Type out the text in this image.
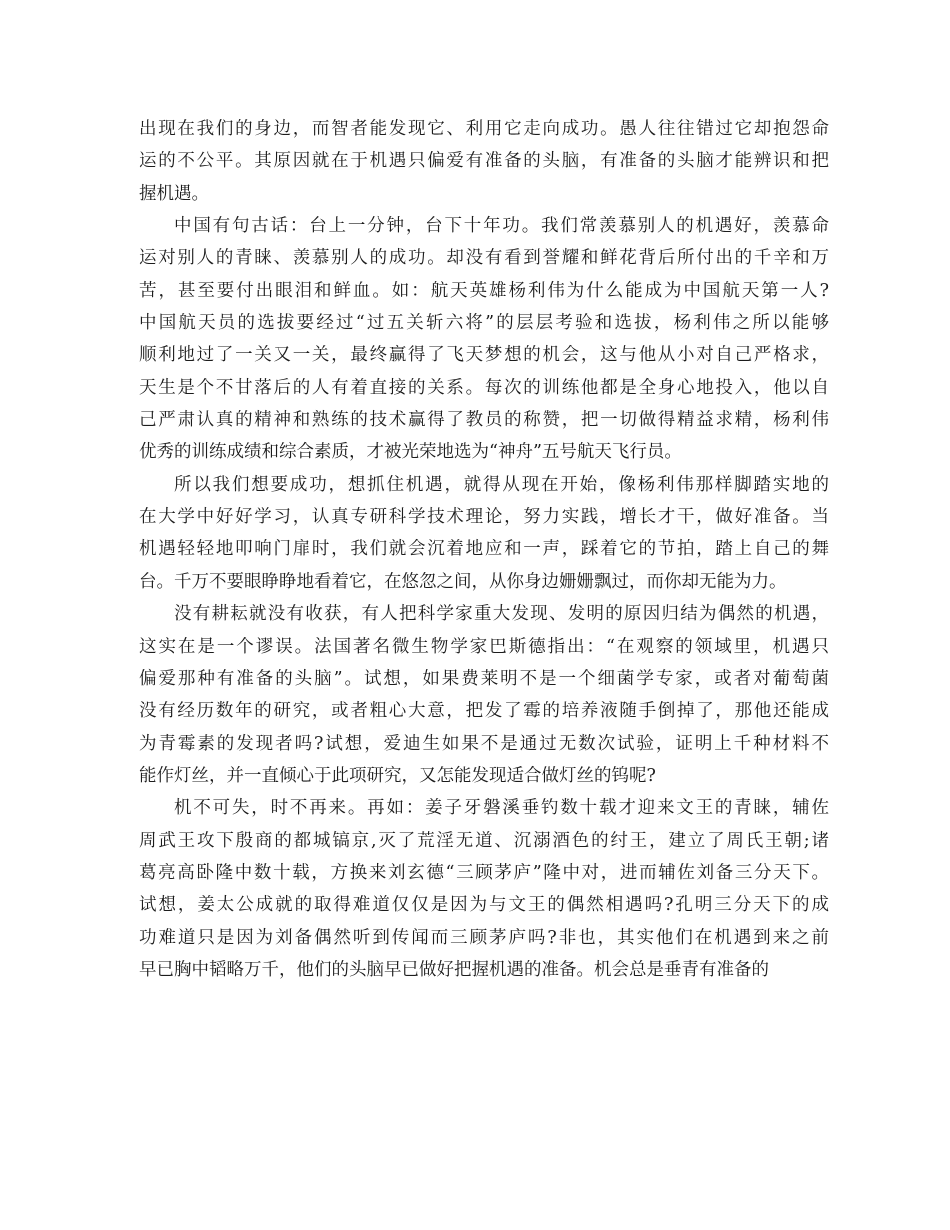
出现在我们的身边，而智者能发现它、利用它走向成功。愚人往往错过它却抱怨命
运的不公平。其原因就在于机遇只偏爱有准备的头脑，有准备的头脑才能辨识和把
握机遇。
中国有句古话：台上一分钟，台下十年功。我们常羡慕别人的机遇好，羡慕命
运对别人的青睐、羡慕别人的成功。却没有看到誉耀和鲜花背后所付出的千辛和万
苦，甚至要付出眼泪和鲜血。如：航天英雄杨利伟为什么能成为中国航天第一人?
中国航天员的选拔要经过“过五关斩六将”的层层考验和选拔，杨利伟之所以能够
顺利地过了一关又一关，最终赢得了飞天梦想的机会，这与他从小对自己严格求，
天生是个不甘落后的人有着直接的关系。每次的训练他都是全身心地投入，他以自
己严肃认真的精神和熟练的技术赢得了教员的称赞，把一切做得精益求精，杨利伟
优秀的训练成绩和综合素质，才被光荣地选为“神舟”五号航天飞行员。
所以我们想要成功，想抓住机遇，就得从现在开始，像杨利伟那样脚踏实地的
在大学中好好学习，认真专研科学技术理论，努力实践，增长才干，做好准备。当
机遇轻轻地叩响门扉时，我们就会沉着地应和一声，踩着它的节拍，踏上自己的舞
台。千万不要眼睁睁地看着它，在悠忽之间，从你身边姗姗飘过，而你却无能为力。
没有耕耘就没有收获，有人把科学家重大发现、发明的原因归结为偶然的机遇，
这实在是一个谬误。法国著名微生物学家巴斯德指出：“在观察的领域里，机遇只
偏爱那种有准备的头脑”。试想，如果费莱明不是一个细菌学专家，或者对葡萄菌
没有经历数年的研究，或者粗心大意，把发了霉的培养液随手倒掉了，那他还能成
为青霉素的发现者吗?试想，爱迪生如果不是通过无数次试验，证明上千种材料不
能作灯丝，并一直倾心于此项研究，又怎能发现适合做灯丝的钨呢?
机不可失，时不再来。再如：姜子牙磐溪垂钓数十载才迎来文王的青睐，辅佐
周武王攻下殷商的都城镐京,灭了荒淫无道、沉溺酒色的纣王，建立了周氏王朝;诸
葛亮高卧隆中数十载，方换来刘玄德“三顾茅庐”隆中对，进而辅佐刘备三分天下。
试想，姜太公成就的取得难道仅仅是因为与文王的偶然相遇吗?孔明三分天下的成
功难道只是因为刘备偶然听到传闻而三顾茅庐吗?非也，其实他们在机遇到来之前
早已胸中韬略万千，他们的头脑早已做好把握机遇的准备。机会总是垂青有准备的
